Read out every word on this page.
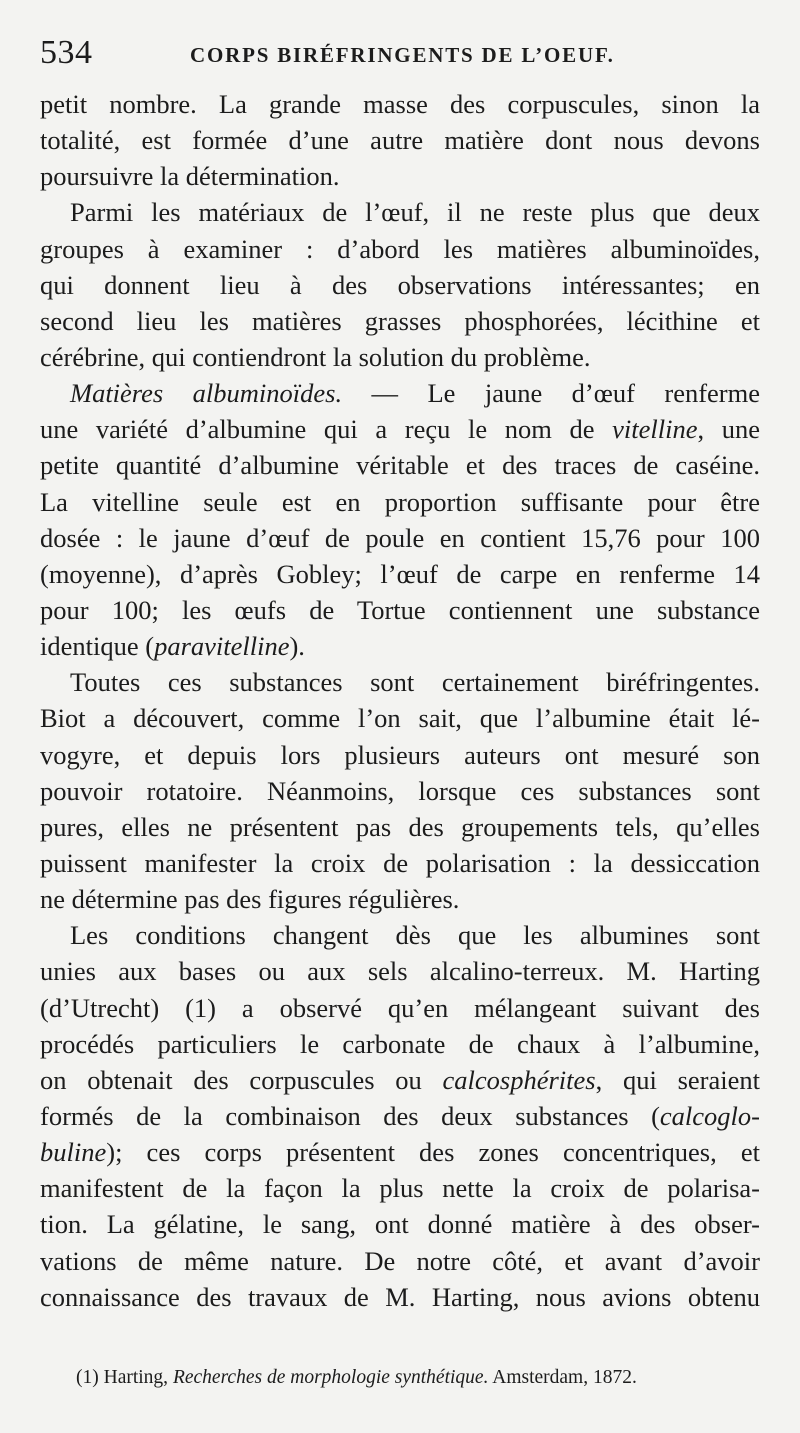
534	CORPS BIRÉFRINGENTS DE L’OEUF.
petit nombre. La grande masse des corpuscules, sinon la
totalité, est formée d’une autre matière dont nous devons
poursuivre la détermination.
Parmi les matériaux de l’œuf, il ne reste plus que deux
groupes à examiner : d’abord les matières albuminoïdes,
qui donnent lieu à des observations intéressantes; en
second lieu les matières grasses phosphorées, lécithine et
cérébrine, qui contiendront la solution du problème.
Matières albuminoïdes. — Le jaune d’œuf renferme
une variété d’albumine qui a reçu le nom de vitelline, une
petite quantité d’albumine véritable et des traces de caséine.
La vitelline seule est en proportion suffisante pour être
dosée : le jaune d’œuf de poule en contient 15,76 pour 100
(moyenne), d’après Gobley; l’œuf de carpe en renferme 14
pour 100; les œufs de Tortue contiennent une substance
identique (paravitelline).
Toutes ces substances sont certainement biréfringentes.
Biot a découvert, comme l’on sait, que l’albumine était lé-
vogyre, et depuis lors plusieurs auteurs ont mesuré son
pouvoir rotatoire. Néanmoins, lorsque ces substances sont
pures, elles ne présentent pas des groupements tels, qu’elles
puissent manifester la croix de polarisation : la dessiccation
ne détermine pas des figures régulières.
Les conditions changent dès que les albumines sont
unies aux bases ou aux sels alcalino-terreux. M. Harting
(d’Utrecht) (1) a observé qu’en mélangeant suivant des
procédés particuliers le carbonate de chaux à l’albumine,
on obtenait des corpuscules ou calcosphérites, qui seraient
formés de la combinaison des deux substances (calcoglo-
buline); ces corps présentent des zones concentriques, et
manifestent de la façon la plus nette la croix de polarisa-
tion. La gélatine, le sang, ont donné matière à des obser-
vations de même nature. De notre côté, et avant d’avoir
connaissance des travaux de M. Harting, nous avions obtenu
(1) Harting, Recherches de morphologie synthétique. Amsterdam, 1872.
